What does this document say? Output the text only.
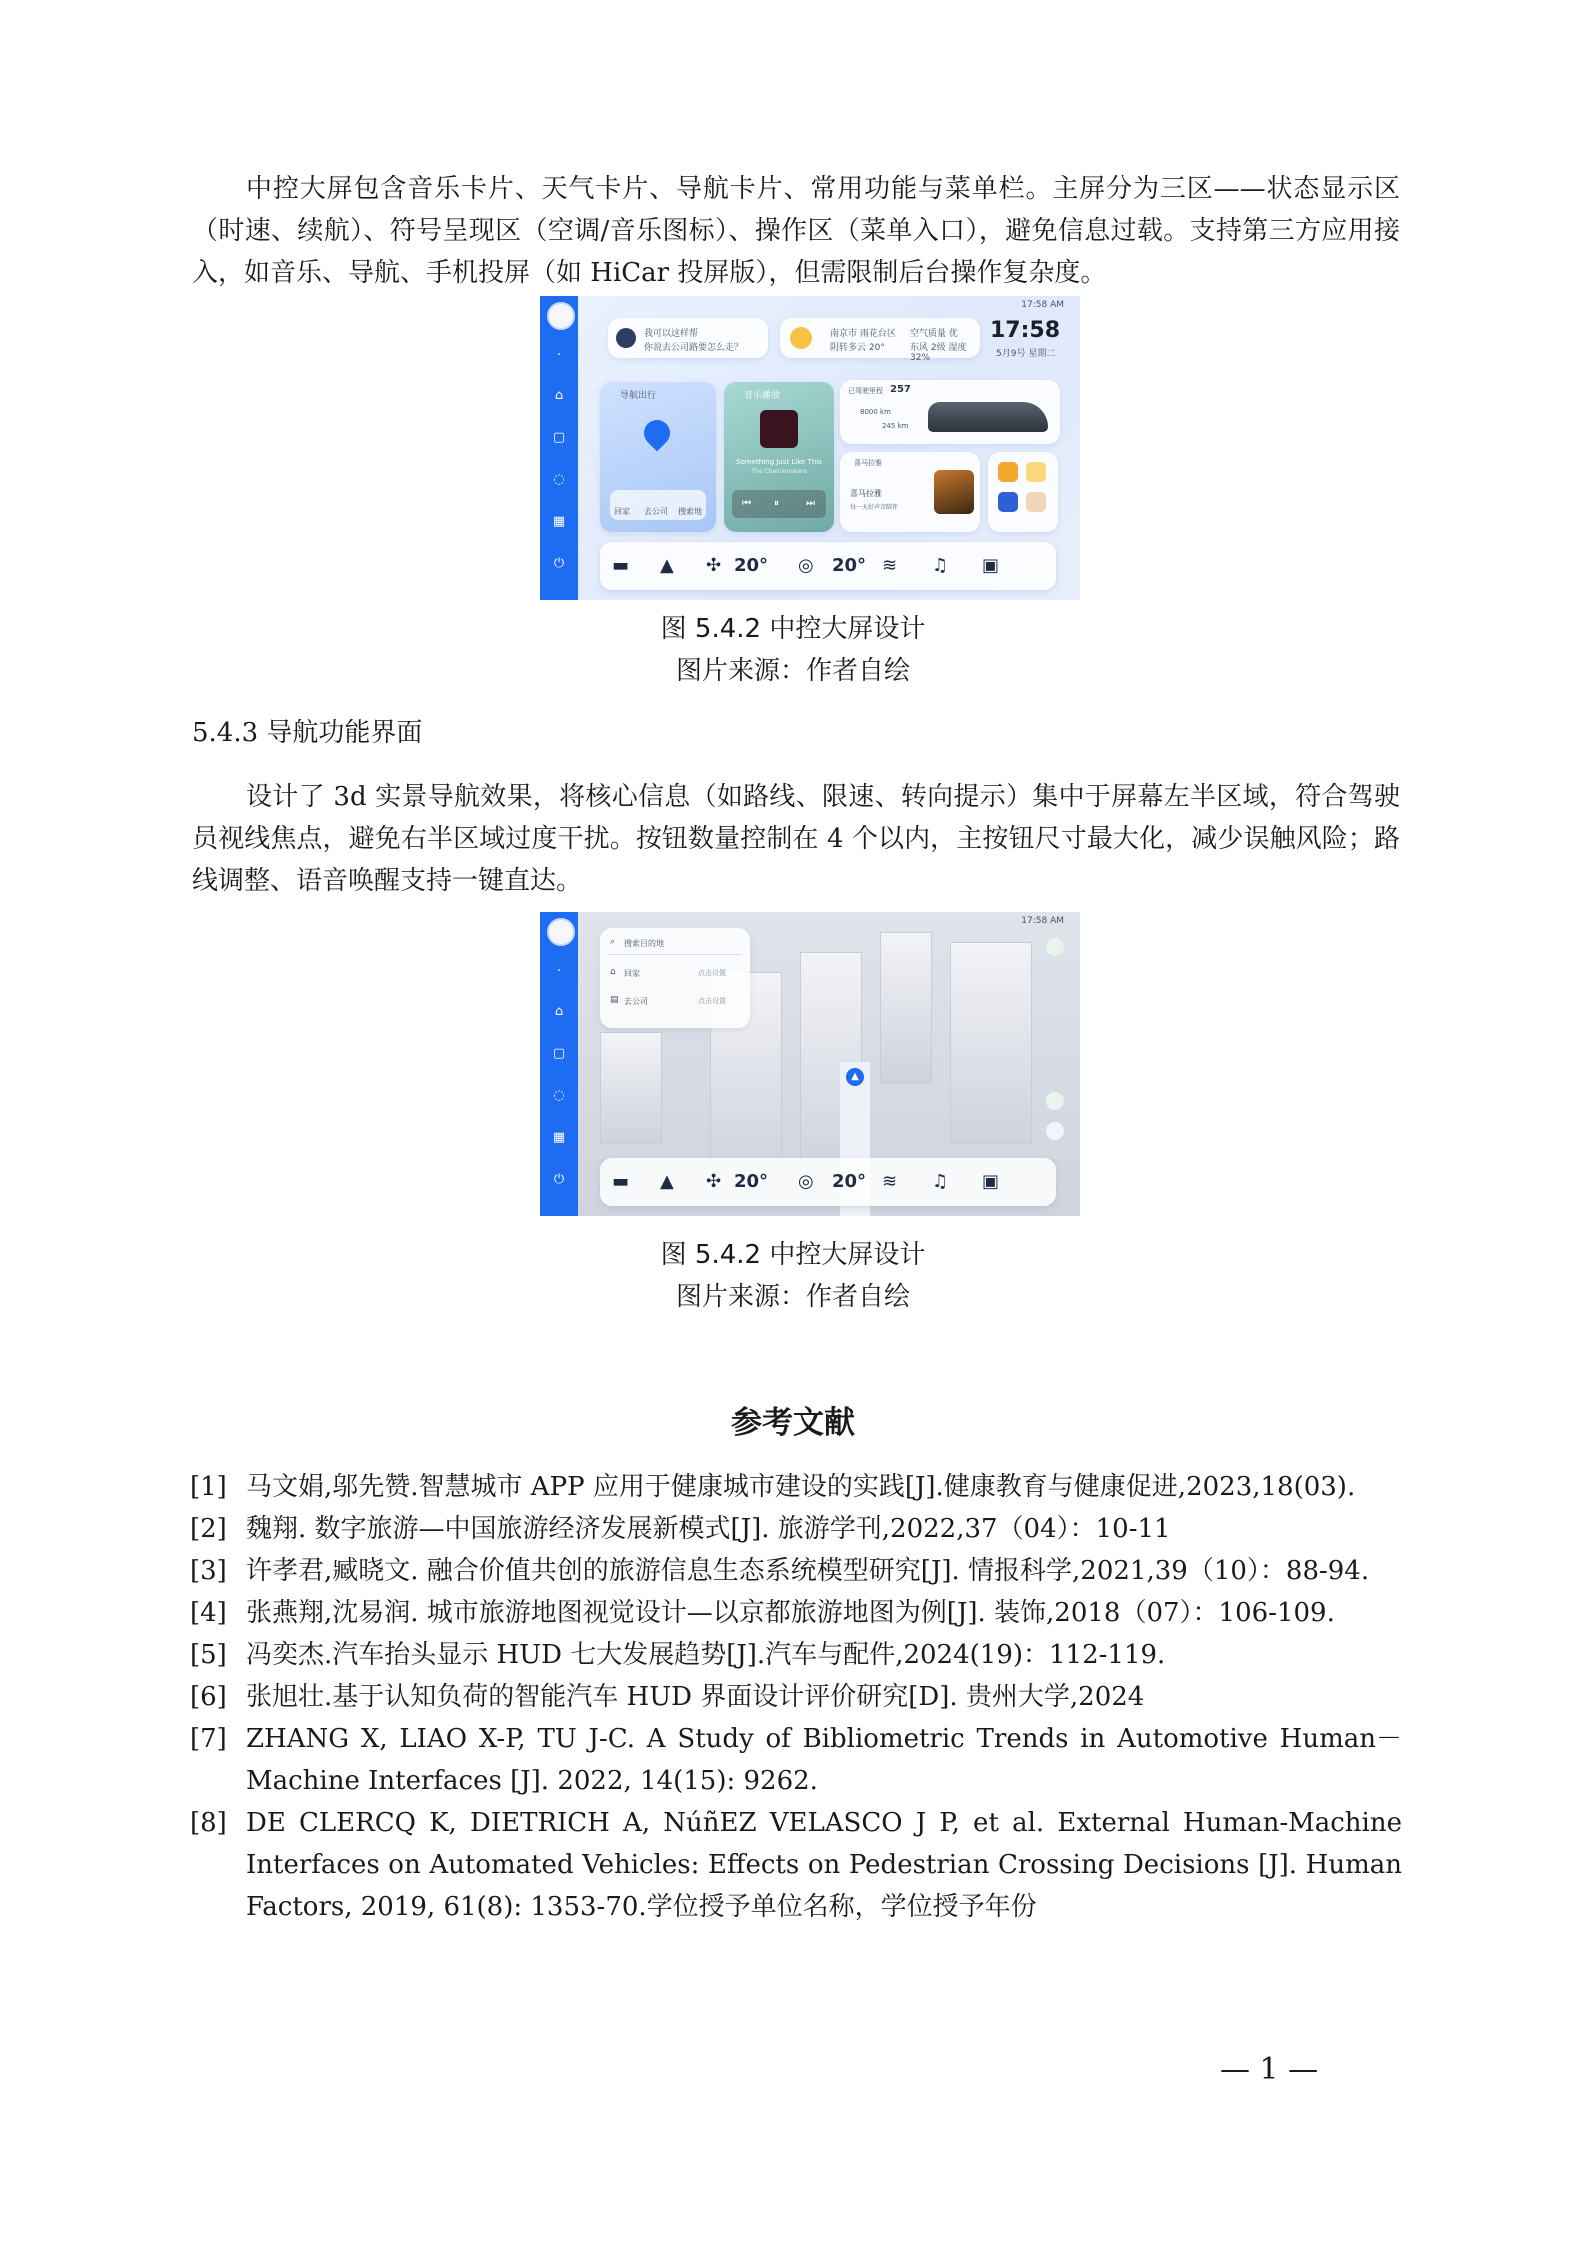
中控大屏包含音乐卡片、天气卡片、导航卡片、常用功能与菜单栏。主屏分为三区——状态显示区（时速、续航）、符号呈现区（空调/音乐图标）、操作区（菜单入口），避免信息过载。支持第三方应用接入，如音乐、导航、手机投屏（如 HiCar 投屏版），但需限制后台操作复杂度。

·
⌂
▢
◌
▦
⏻
17:58 AM
我可以这样帮
你说去公司路要怎么走？
南京市 雨花台区
阴转多云 20°
空气质量 优
东风 2级 湿度 32%
17:58
5月9号 星期二
导航出行
回家 去公司 搜索地
音乐播放
Something Just Like This
The Chainsmokers
⏮ ⏸	⏭
已驾驶里程 257
8000 km
245 km
喜马拉雅
喜马拉雅
每一天好声音陪伴
▬ ▲ ✣ 20° ◎ 20° ≋ ♫ ▣
图 5.4.2 中控大屏设计
图片来源：作者自绘
5.4.3 导航功能界面

设计了 3d 实景导航效果，将核心信息（如路线、限速、转向提示）集中于屏幕左半区域，符合驾驶员视线焦点，避免右半区域过度干扰。按钮数量控制在 4 个以内，主按钮尺寸最大化，减少误触风险；路线调整、语音唤醒支持一键直达。

▲
·
⌂
▢
◌
▦
⏻
17:58 AM
⌕ 搜索目的地
⌂ 回家	点击设置
▤ 去公司	点击设置
▬ ▲ ✣ 20° ◎ 20° ≋ ♫ ▣
图 5.4.2 中控大屏设计
图片来源：作者自绘
参考文献
[1] 马文娟,邬先赞.智慧城市 APP 应用于健康城市建设的实践[J].健康教育与健康促进,2023,18(03).
[2] 魏翔. 数字旅游—中国旅游经济发展新模式[J]. 旅游学刊,2022,37（04）：10-11
[3] 许孝君,臧晓文. 融合价值共创的旅游信息生态系统模型研究[J]. 情报科学,2021,39（10）：88-94.
[4] 张燕翔,沈易润. 城市旅游地图视觉设计—以京都旅游地图为例[J]. 装饰,2018（07）：106-109.
[5] 冯奕杰.汽车抬头显示 HUD 七大发展趋势[J].汽车与配件,2024(19)：112-119.
[6] 张旭壮.基于认知负荷的智能汽车 HUD 界面设计评价研究[D]. 贵州大学,2024
[7] ZHANG X, LIAO X-P, TU J-C. A Study of Bibliometric Trends in Automotive Human－Machine Interfaces [J]. 2022, 14(15): 9262.
[8] DE CLERCQ K, DIETRICH A, NúñEZ VELASCO J P, et al. External Human-Machine Interfaces on Automated Vehicles: Effects on Pedestrian Crossing Decisions [J]. Human Factors, 2019, 61(8): 1353-70.学位授予单位名称，学位授予年份
— 1 —
